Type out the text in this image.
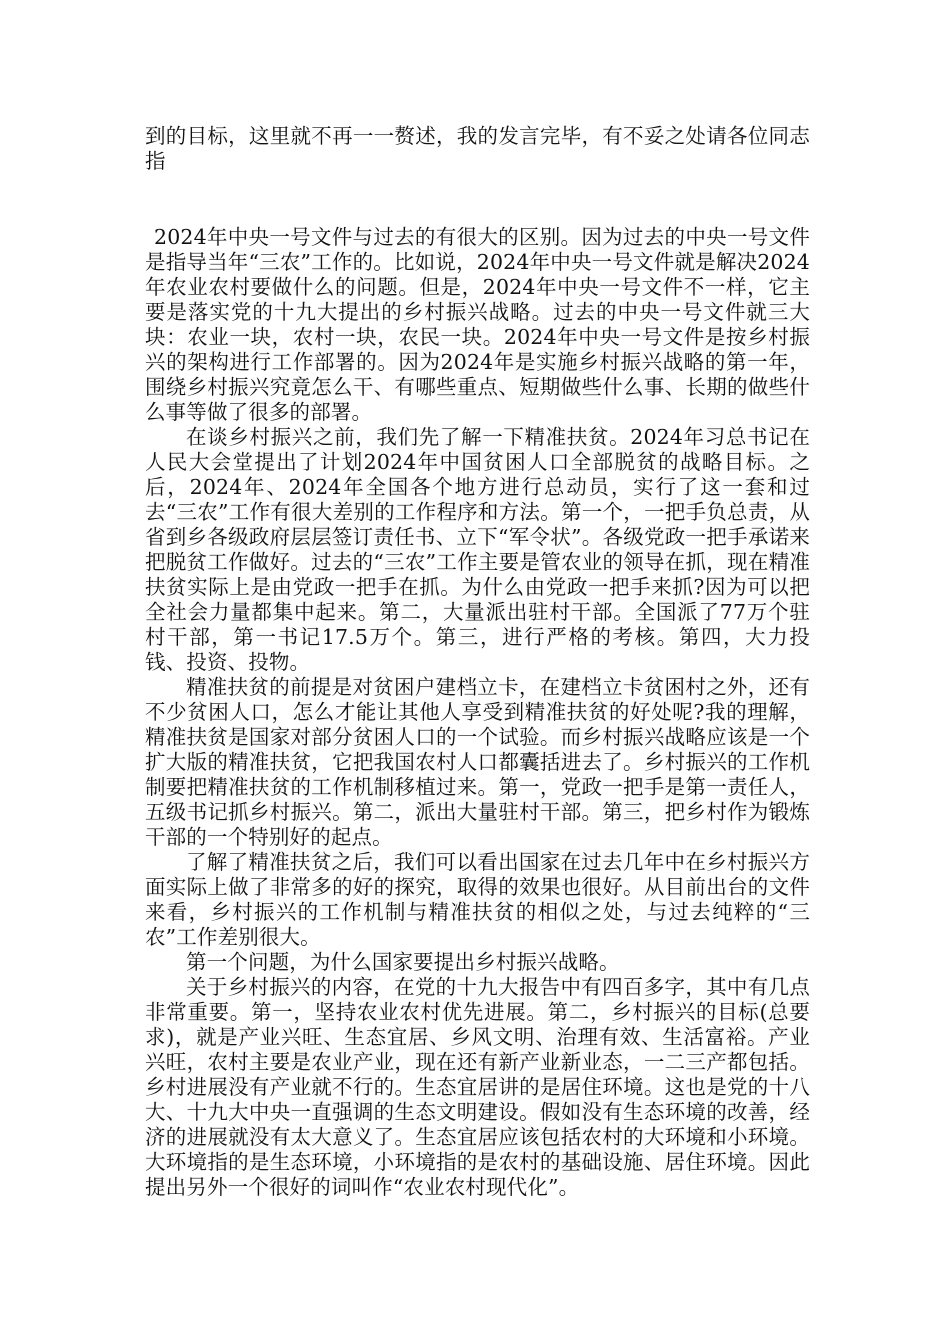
到的目标，这里就不再一一赘述，我的发言完毕，有不妥之处请各位同志指

2024年中央一号文件与过去的有很大的区别。因为过去的中央一号文件是指导当年“三农”工作的。比如说，2024年中央一号文件就是解决2024年农业农村要做什么的问题。但是，2024年中央一号文件不一样，它主要是落实党的十九大提出的乡村振兴战略。过去的中央一号文件就三大块：农业一块，农村一块，农民一块。2024年中央一号文件是按乡村振兴的架构进行工作部署的。因为2024年是实施乡村振兴战略的第一年，围绕乡村振兴究竟怎么干、有哪些重点、短期做些什么事、长期的做些什么事等做了很多的部署。

在谈乡村振兴之前，我们先了解一下精准扶贫。2024年习总书记在人民大会堂提出了计划2024年中国贫困人口全部脱贫的战略目标。之后，2024年、2024年全国各个地方进行总动员，实行了这一套和过去“三农”工作有很大差别的工作程序和方法。第一个，一把手负总责，从省到乡各级政府层层签订责任书、立下“军令状”。各级党政一把手承诺来把脱贫工作做好。过去的“三农”工作主要是管农业的领导在抓，现在精准扶贫实际上是由党政一把手在抓。为什么由党政一把手来抓?因为可以把全社会力量都集中起来。第二，大量派出驻村干部。全国派了77万个驻村干部，第一书记17.5万个。第三，进行严格的考核。第四，大力投钱、投资、投物。

精准扶贫的前提是对贫困户建档立卡，在建档立卡贫困村之外，还有不少贫困人口，怎么才能让其他人享受到精准扶贫的好处呢?我的理解，精准扶贫是国家对部分贫困人口的一个试验。而乡村振兴战略应该是一个扩大版的精准扶贫，它把我国农村人口都囊括进去了。乡村振兴的工作机制要把精准扶贫的工作机制移植过来。第一，党政一把手是第一责任人，五级书记抓乡村振兴。第二，派出大量驻村干部。第三，把乡村作为锻炼干部的一个特别好的起点。

了解了精准扶贫之后，我们可以看出国家在过去几年中在乡村振兴方面实际上做了非常多的好的探究，取得的效果也很好。从目前出台的文件来看，乡村振兴的工作机制与精准扶贫的相似之处，与过去纯粹的“三农”工作差别很大。

第一个问题，为什么国家要提出乡村振兴战略。

关于乡村振兴的内容，在党的十九大报告中有四百多字，其中有几点非常重要。第一，坚持农业农村优先进展。第二，乡村振兴的目标(总要求)，就是产业兴旺、生态宜居、乡风文明、治理有效、生活富裕。产业兴旺，农村主要是农业产业，现在还有新产业新业态，一二三产都包括。乡村进展没有产业就不行的。生态宜居讲的是居住环境。这也是党的十八大、十九大中央一直强调的生态文明建设。假如没有生态环境的改善，经济的进展就没有太大意义了。生态宜居应该包括农村的大环境和小环境。大环境指的是生态环境，小环境指的是农村的基础设施、居住环境。因此提出另外一个很好的词叫作“农业农村现代化”。
